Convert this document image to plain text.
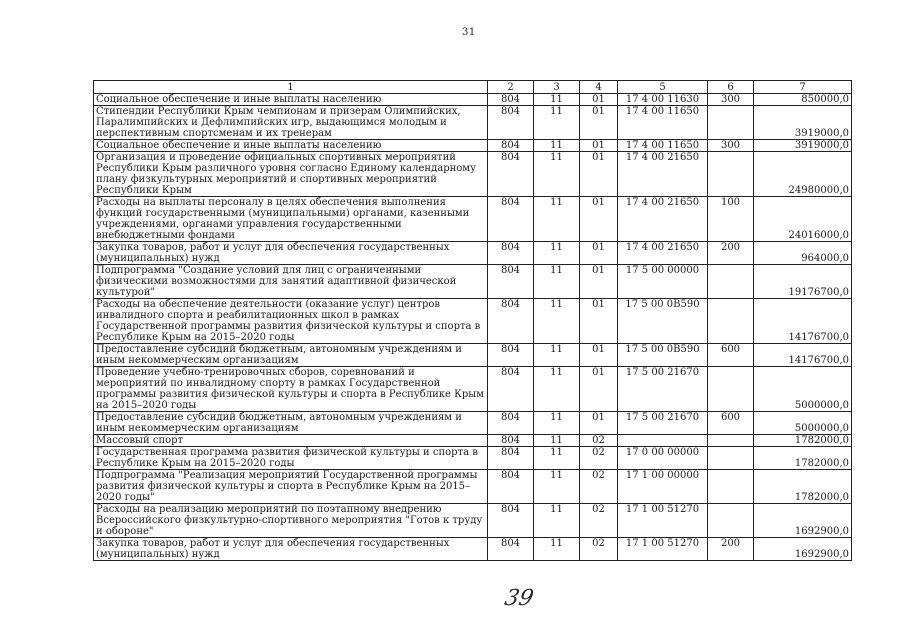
31
1	2	3	4	5	6	7
Социальное обеспечение и иные выплаты населению	804	11	01	17 4 00 11630	300	850000,0
Стипендии Республики Крым чемпионам и призерам Олимпийских, Паралимпийских и Дефлимпийских игр, выдающимся молодым и перспективным спортсменам и их тренерам	804	11	01	17 4 00 11650		3919000,0
Социальное обеспечение и иные выплаты населению	804	11	01	17 4 00 11650	300	3919000,0
Организация и проведение официальных спортивных мероприятий Республики Крым различного уровня согласно Единому календарному плану физкультурных мероприятий и спортивных мероприятий Республики Крым	804	11	01	17 4 00 21650		24980000,0
Расходы на выплаты персоналу в целях обеспечения выполнения функций государственными (муниципальными) органами, казенными учреждениями, органами управления государственными внебюджетными фондами	804	11	01	17 4 00 21650	100	24016000,0
Закупка товаров, работ и услуг для обеспечения государственных (муниципальных) нужд	804	11	01	17 4 00 21650	200	964000,0
Подпрограмма "Создание условий для лиц с ограниченными физическими возможностями для занятий адаптивной физической культурой"	804	11	01	17 5 00 00000		19176700,0
Расходы на обеспечение деятельности (оказание услуг) центров инвалидного спорта и реабилитационных школ в рамках Государственной программы развития физической культуры и спорта в Республике Крым на 2015–2020 годы	804	11	01	17 5 00 0B590		14176700,0
Предоставление субсидий бюджетным, автономным учреждениям и иным некоммерческим организациям	804	11	01	17 5 00 0B590	600	14176700,0
Проведение учебно-тренировочных сборов, соревнований и мероприятий по инвалидному спорту в рамках Государственной программы развития физической культуры и спорта в Республике Крым на 2015–2020 годы	804	11	01	17 5 00 21670		5000000,0
Предоставление субсидий бюджетным, автономным учреждениям и иным некоммерческим организациям	804	11	01	17 5 00 21670	600	5000000,0
Массовый спорт	804	11	02			1782000,0
Государственная программа развития физической культуры и спорта в Республике Крым на 2015–2020 годы	804	11	02	17 0 00 00000		1782000,0
Подпрограмма "Реализация мероприятий Государственной программы развития физической культуры и спорта в Республике Крым на 2015–2020 годы"	804	11	02	17 1 00 00000		1782000,0
Расходы на реализацию мероприятий по поэтапному внедрению Всероссийского физкультурно-спортивного мероприятия "Готов к труду и обороне"	804	11	02	17 1 00 51270		1692900,0
Закупка товаров, работ и услуг для обеспечения государственных (муниципальных) нужд	804	11	02	17 1 00 51270	200	1692900,0
39
